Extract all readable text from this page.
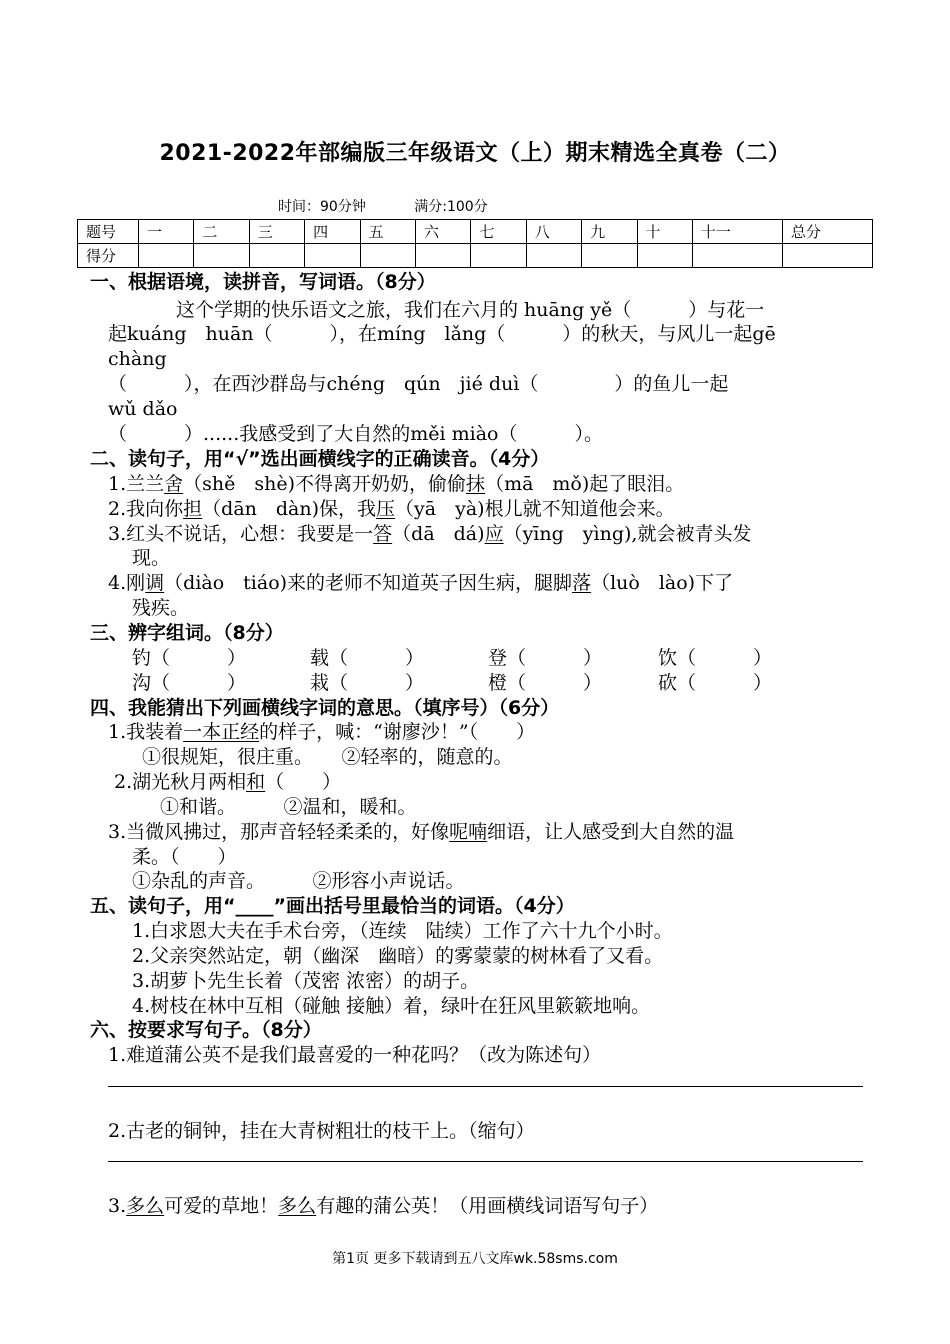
2021-2022年部编版三年级语文（上）期末精选全真卷（二）
时间：90分钟	满分:100分
题号	一	二	三	四	五	六	七	八	九	十	十一	总分
得分												
一、根据语境，读拼音，写词语。（8分）
这个学期的快乐语文之旅，我们在六月的 huāng yě（　　　）与花一
起kuáng　huān（　　　），在míng　lǎng（　　　）的秋天，与风儿一起gē
chàng
（　　　），在西沙群岛与chéng　qún　jié duì（　　　　）的鱼儿一起
wǔ dǎo
（　　　）......我感受到了大自然的měi miào（　　　）。
二、读句子，用“√”选出画横线字的正确读音。（4分）
1.兰兰舍（shě　shè)不得离开奶奶，偷偷抹（mā　mǒ)起了眼泪。
2.我向你担（dān　dàn)保，我压（yā　yà)根儿就不知道他会来。
3.红头不说话，心想：我要是一答（dā　dá)应（yīng　yìng),就会被青头发
现。
4.刚调（diào　tiáo)来的老师不知道英子因生病，腿脚落（luò　lào)下了
残疾。
三、辨字组词。（8分）
钓（　　　）	载（　　　）	登（　　　）	饮（　　　）
沟（　　　）	栽（　　　）	橙（　　　）	砍（　　　）
四、我能猜出下列画横线字词的意思。（填序号）（6分）
1.我装着一本正经的样子，喊：“谢廖沙！”（　　）
①很规矩，很庄重。　　②轻率的，随意的。
2.湖光秋月两相和（　　）
①和谐。　　　②温和，暖和。
3.当微风拂过，那声音轻轻柔柔的，好像呢喃细语，让人感受到大自然的温
柔。（　　）
①杂乱的声音。　　　②形容小声说话。
五、读句子，用“____”画出括号里最恰当的词语。（4分）
1.白求恩大夫在手术台旁，（连续　陆续）工作了六十九个小时。
2.父亲突然站定，朝（幽深　幽暗）的雾蒙蒙的树林看了又看。
3.胡萝卜先生长着（茂密 浓密）的胡子。
4.树枝在林中互相（碰触 接触）着，绿叶在狂风里簌簌地响。
六、按要求写句子。（8分）
1.难道蒲公英不是我们最喜爱的一种花吗？（改为陈述句）
2.古老的铜钟，挂在大青树粗壮的枝干上。（缩句）
3.多么可爱的草地！多么有趣的蒲公英！（用画横线词语写句子）
第1页 更多下载请到五八文库wk.58sms.com
